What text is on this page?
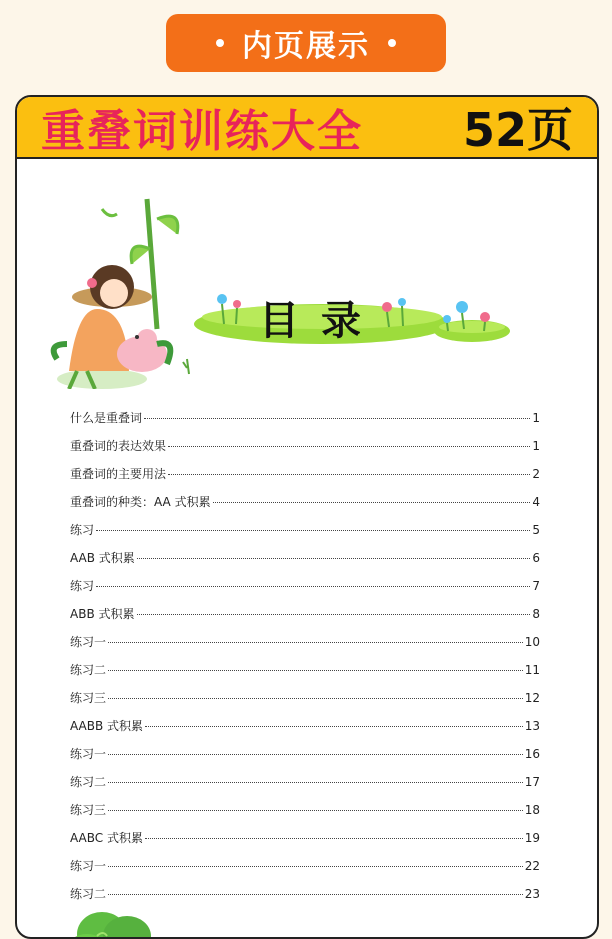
内页展示
重叠词训练大全 52页
目录
什么是重叠词	1
重叠词的表达效果	1
重叠词的主要用法	2
重叠词的种类：AA 式积累	4
练习	5
AAB 式积累	6
练习	7
ABB 式积累	8
练习一	10
练习二	11
练习三	12
AABB 式积累	13
练习一	16
练习二	17
练习三	18
AABC 式积累	19
练习一	22
练习二	23
